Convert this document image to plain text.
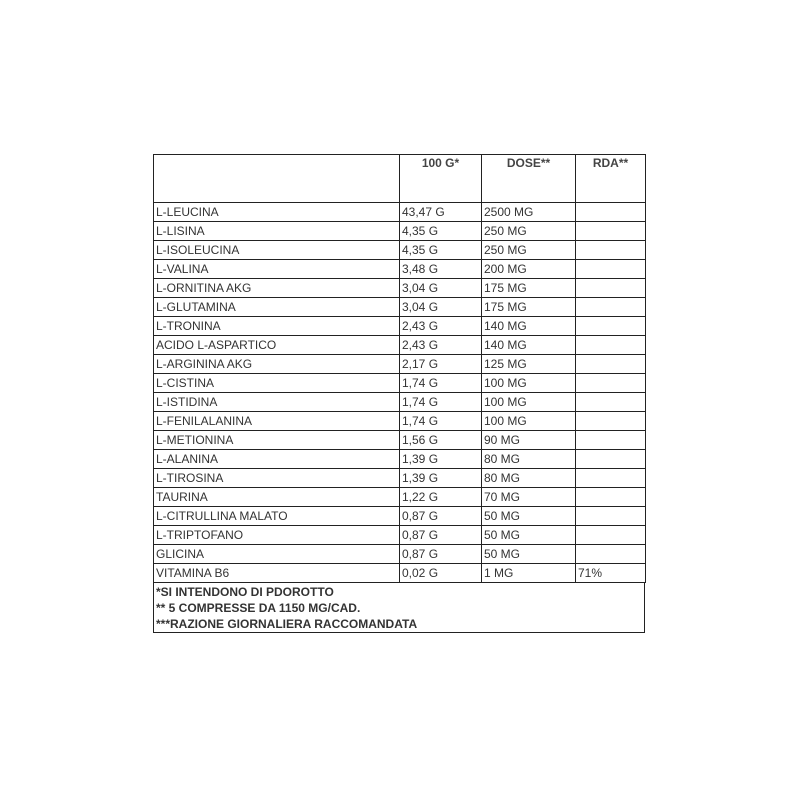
	100 G*	DOSE**	RDA**
L-LEUCINA	43,47 G	2500 MG	
L-LISINA	4,35 G	250 MG	
L-ISOLEUCINA	4,35 G	250 MG	
L-VALINA	3,48 G	200 MG	
L-ORNITINA AKG	3,04 G	175 MG	
L-GLUTAMINA	3,04 G	175 MG	
L-TRONINA	2,43 G	140 MG	
ACIDO L-ASPARTICO	2,43 G	140 MG	
L-ARGININA AKG	2,17 G	125 MG	
L-CISTINA	1,74 G	100 MG	
L-ISTIDINA	1,74 G	100 MG	
L-FENILALANINA	1,74 G	100 MG	
L-METIONINA	1,56 G	90 MG	
L-ALANINA	1,39 G	80 MG	
L-TIROSINA	1,39 G	80 MG	
TAURINA	1,22 G	70 MG	
L-CITRULLINA MALATO	0,87 G	50 MG	
L-TRIPTOFANO	0,87 G	50 MG	
GLICINA	0,87 G	50 MG	
VITAMINA B6	0,02 G	1 MG	71%
*SI INTENDONO DI PDOROTTO
** 5 COMPRESSE DA 1150 MG/CAD.
***RAZIONE GIORNALIERA RACCOMANDATA
